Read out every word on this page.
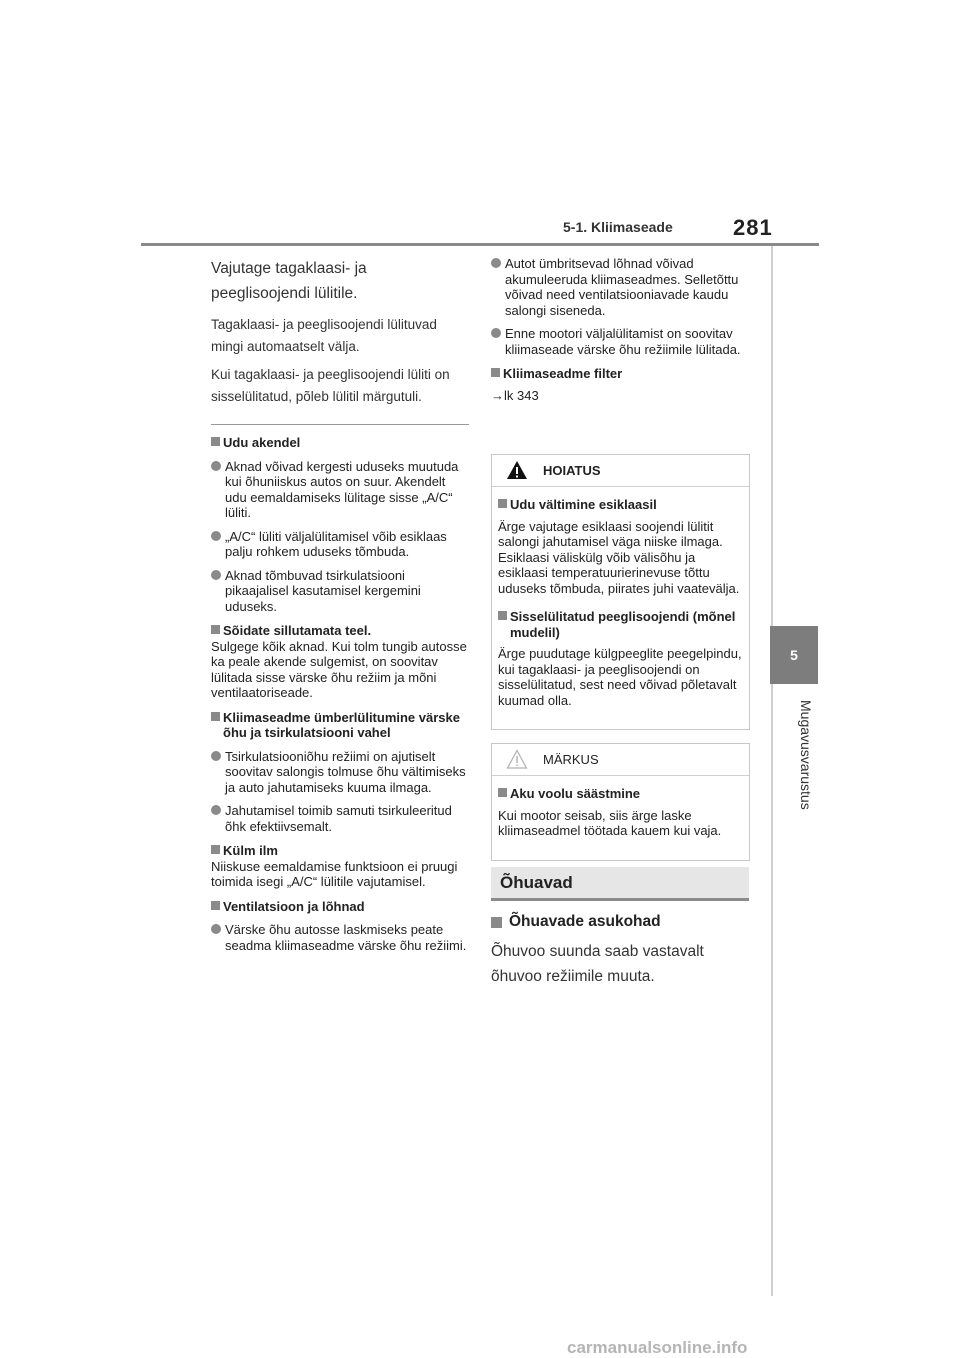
5-1. Kliimaseade	281
5
Mugavusvarustus

Vajutage tagaklaasi- ja peeglisoojendi lülitile.

Tagaklaasi- ja peeglisoojendi lülituvad mingi automaatselt välja.

Kui tagaklaasi- ja peeglisoojendi lüliti on sisselülitatud, põleb lülitil märgutuli.

Udu akendel
Aknad võivad kergesti uduseks muutuda kui õhuniiskus autos on suur. Akendelt udu eemaldamiseks lülitage sisse „A/C“ lüliti.
„A/C“ lüliti väljalülitamisel võib esiklaas palju rohkem uduseks tõmbuda.
Aknad tõmbuvad tsirkulatsiooni pikaajalisel kasutamisel kergemini uduseks.
Sõidate sillutamata teel.

Sulgege kõik aknad. Kui tolm tungib autosse ka peale akende sulgemist, on soovitav lülitada sisse värske õhu režiim ja mõni ventilaatoriseade.

Kliimaseadme ümberlülitumine värske õhu ja tsirkulatsiooni vahel
Tsirkulatsiooniõhu režiimi on ajutiselt soovitav salongis tolmuse õhu vältimiseks ja auto jahutamiseks kuuma ilmaga.
Jahutamisel toimib samuti tsirkuleeritud õhk efektiivsemalt.
Külm ilm

Niiskuse eemaldamise funktsioon ei pruugi toimida isegi „A/C“ lülitile vajutamisel.

Ventilatsioon ja lõhnad
Värske õhu autosse laskmiseks peate seadma kliimaseadme värske õhu režiimi.
Autot ümbritsevad lõhnad võivad akumuleeruda kliimaseadmes. Selletõttu võivad need ventilatsiooniavade kaudu salongi siseneda.
Enne mootori väljalülitamist on soovitav kliimaseade värske õhu režiimile lülitada.
Kliimaseadme filter

→lk 343

HOIATUS
Udu vältimine esiklaasil

Ärge vajutage esiklaasi soojendi lülitit salongi jahutamisel väga niiske ilmaga. Esiklaasi väliskülg võib välisõhu ja esiklaasi temperatuurierinevuse tõttu uduseks tõmbuda, piirates juhi vaatevälja.

Sisselülitatud peeglisoojendi (mõnel mudelil)

Ärge puudutage külgpeeglite peegelpindu, kui tagaklaasi- ja peeglisoojendi on sisselülitatud, sest need võivad põletavalt kuumad olla.

MÄRKUS
Aku voolu säästmine

Kui mootor seisab, siis ärge laske kliimaseadmel töötada kauem kui vaja.

Õhuavad
Õhuavade asukohad

Õhuvoo suunda saab vastavalt õhuvoo režiimile muuta.

carmanualsonline.info
